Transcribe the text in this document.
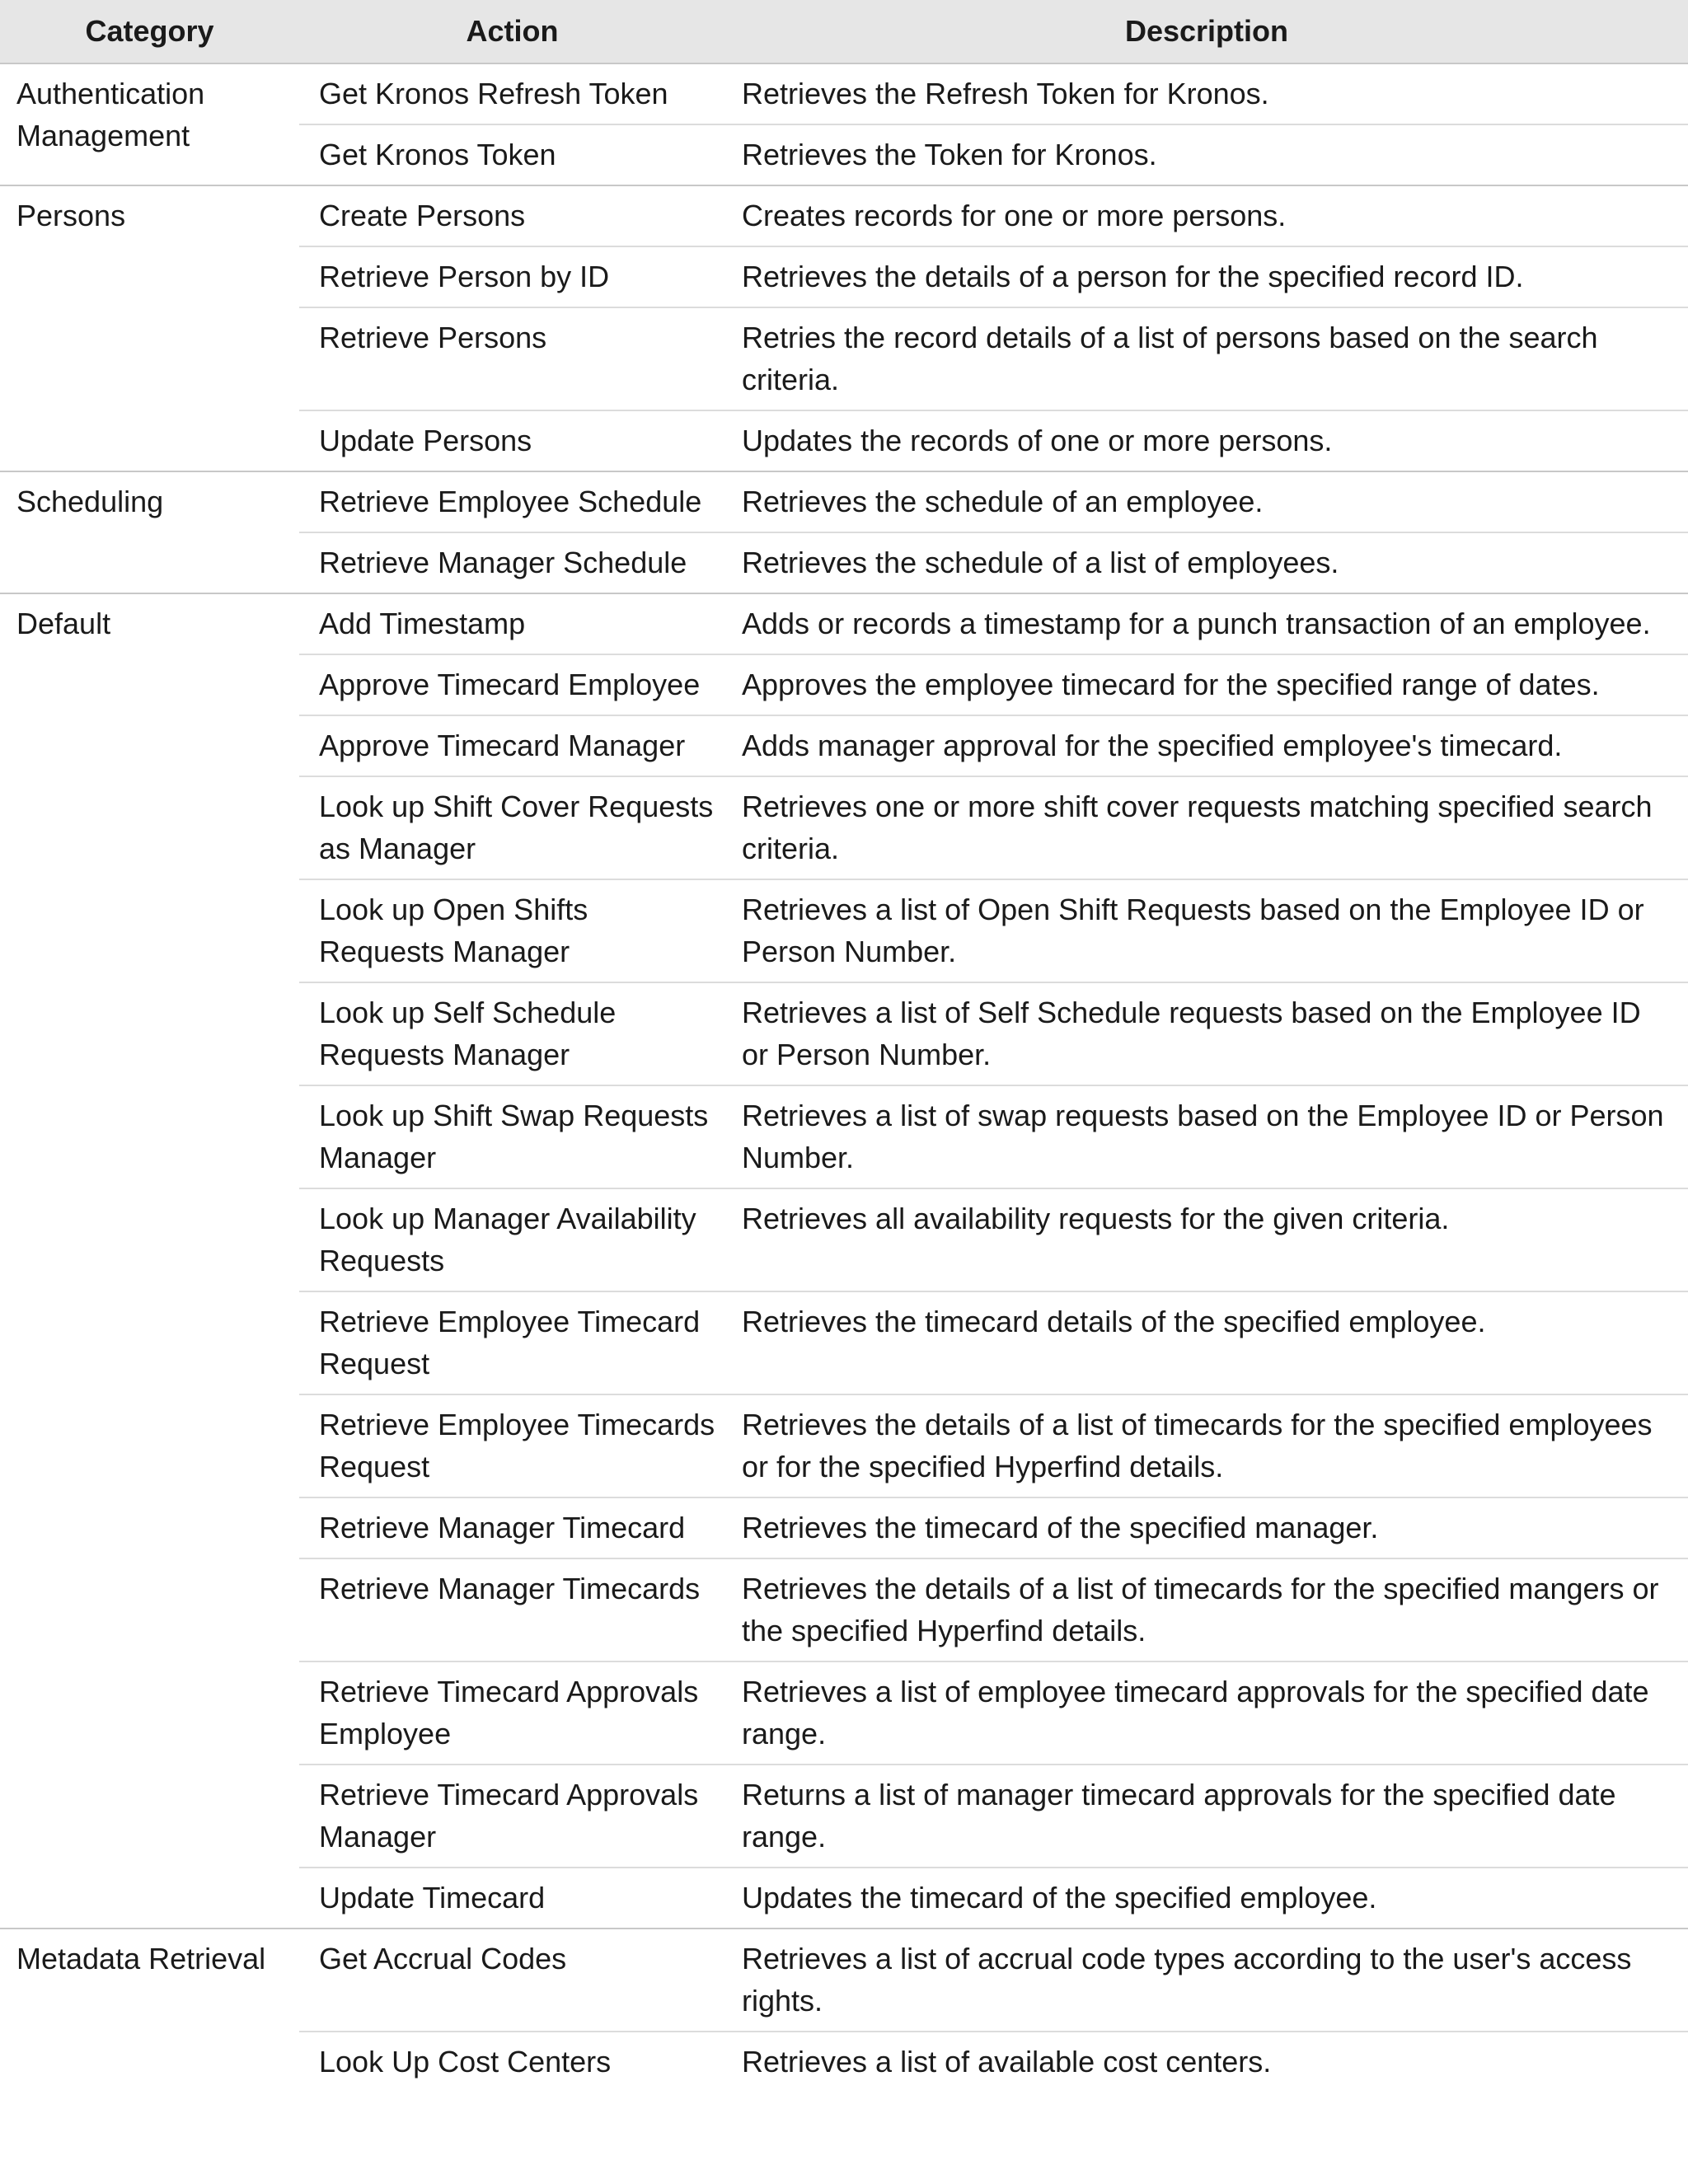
Category	Action	Description
Authentication Management	Get Kronos Refresh Token	Retrieves the Refresh Token for Kronos.
	Get Kronos Token	Retrieves the Token for Kronos.
Persons	Create Persons	Creates records for one or more persons.
	Retrieve Person by ID	Retrieves the details of a person for the specified record ID.
	Retrieve Persons	Retries the record details of a list of persons based on the search criteria.
	Update Persons	Updates the records of one or more persons.
Scheduling	Retrieve Employee Schedule	Retrieves the schedule of an employee.
	Retrieve Manager Schedule	Retrieves the schedule of a list of employees.
Default	Add Timestamp	Adds or records a timestamp for a punch transaction of an employee.
	Approve Timecard Employee	Approves the employee timecard for the specified range of dates.
	Approve Timecard Manager	Adds manager approval for the specified employee's timecard.
	Look up Shift Cover Requests as Manager	Retrieves one or more shift cover requests matching specified search criteria.
	Look up Open Shifts Requests Manager	Retrieves a list of Open Shift Requests based on the Employee ID or Person Number.
	Look up Self Schedule Requests Manager	Retrieves a list of Self Schedule requests based on the Employee ID or Person Number.
	Look up Shift Swap Requests Manager	Retrieves a list of swap requests based on the Employee ID or Person Number.
	Look up Manager Availability Requests	Retrieves all availability requests for the given criteria.
	Retrieve Employee Timecard Request	Retrieves the timecard details of the specified employee.
	Retrieve Employee Timecards Request	Retrieves the details of a list of timecards for the specified employees or for the specified Hyperfind details.
	Retrieve Manager Timecard	Retrieves the timecard of the specified manager.
	Retrieve Manager Timecards	Retrieves the details of a list of timecards for the specified mangers or the specified Hyperfind details.
	Retrieve Timecard Approvals Employee	Retrieves a list of employee timecard approvals for the specified date range.
	Retrieve Timecard Approvals Manager	Returns a list of manager timecard approvals for the specified date range.
	Update Timecard	Updates the timecard of the specified employee.
Metadata Retrieval	Get Accrual Codes	Retrieves a list of accrual code types according to the user's access rights.
	Look Up Cost Centers	Retrieves a list of available cost centers.
